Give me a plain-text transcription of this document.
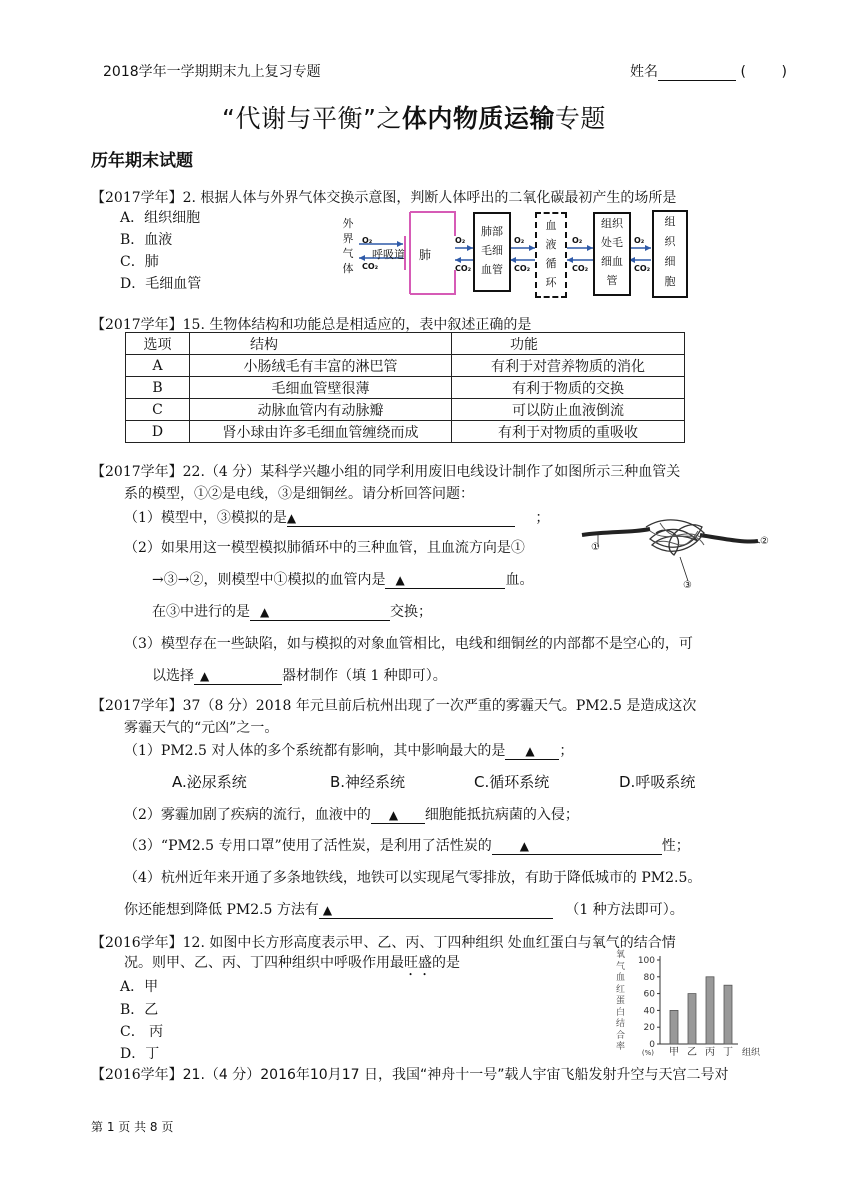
2018学年一学期期末九上复习专题	姓名	(        )
“代谢与平衡”之体内物质运输专题
历年期末试题
【2017学年】2. 根据人体与外界气体交换示意图，判断人体呼出的二氧化碳最初产生的场所是
A．组织细胞
B．血液
C．肺
D．毛细血管
外界气体
O₂
CO₂
呼吸道 肺
O₂
CO₂
肺部毛细血管
O₂
CO₂
血液循环
O₂
CO₂
组织处毛细血管
O₂
CO₂
组织细胞
【2017学年】15. 生物体结构和功能总是相适应的，表中叙述正确的是
选项	结构	功能
A	小肠绒毛有丰富的淋巴管	有利于对营养物质的消化
B	毛细血管壁很薄	有利于物质的交换
C	动脉血管内有动脉瓣	可以防止血液倒流
D	肾小球由许多毛细血管缠绕而成	有利于对物质的重吸收
【2017学年】22.（4 分）某科学兴趣小组的同学利用废旧电线设计制作了如图所示三种血管关
系的模型，①②是电线，③是细铜丝。请分析回答问题：
（1）模型中，③模拟的是▲	；
（2）如果用这一模型模拟肺循环中的三种血管，且血流方向是①
→③→②，则模型中①模拟的血管内是 ▲	血。
在③中进行的是 ▲	交换；
（3）模型存在一些缺陷，如与模拟的对象血管相比，电线和细铜丝的内部都不是空心的，可
以选择 ▲	器材制作（填 1 种即可）。
①
②
③
【2017学年】37（8 分）2018 年元旦前后杭州出现了一次严重的雾霾天气。PM2.5 是造成这次
雾霾天气的“元凶”之一。
（1）PM2.5 对人体的多个系统都有影响，其中影响最大的是 ▲ ；
A.泌尿系统	B.神经系统	C.循环系统	D.呼吸系统
（2）雾霾加剧了疾病的流行，血液中的 ▲ 细胞能抵抗病菌的入侵；
（3）“PM2.5 专用口罩”使用了活性炭，是利用了活性炭的 ▲	性；
（4）杭州近年来开通了多条地铁线，地铁可以实现尾气零排放，有助于降低城市的 PM2.5。
你还能想到降低 PM2.5 方法有 ▲	（1 种方法即可）。
【2016学年】12. 如图中长方形高度表示甲、乙、丙、丁四种组织 处血红蛋白与氧气的结合情
况。则甲、乙、丙、丁四种组织中呼吸作用最旺盛的是
A．甲
B．乙
C． 丙
D．丁
氧气血红蛋白结合率	0
20
40
60
80
100
甲 乙 丙 丁
(%)	组织
【2016学年】21.（4 分）2016年10月17 日，我国“神舟十一号”载人宇宙飞船发射升空与天宫二号对
第 1 页 共 8 页
